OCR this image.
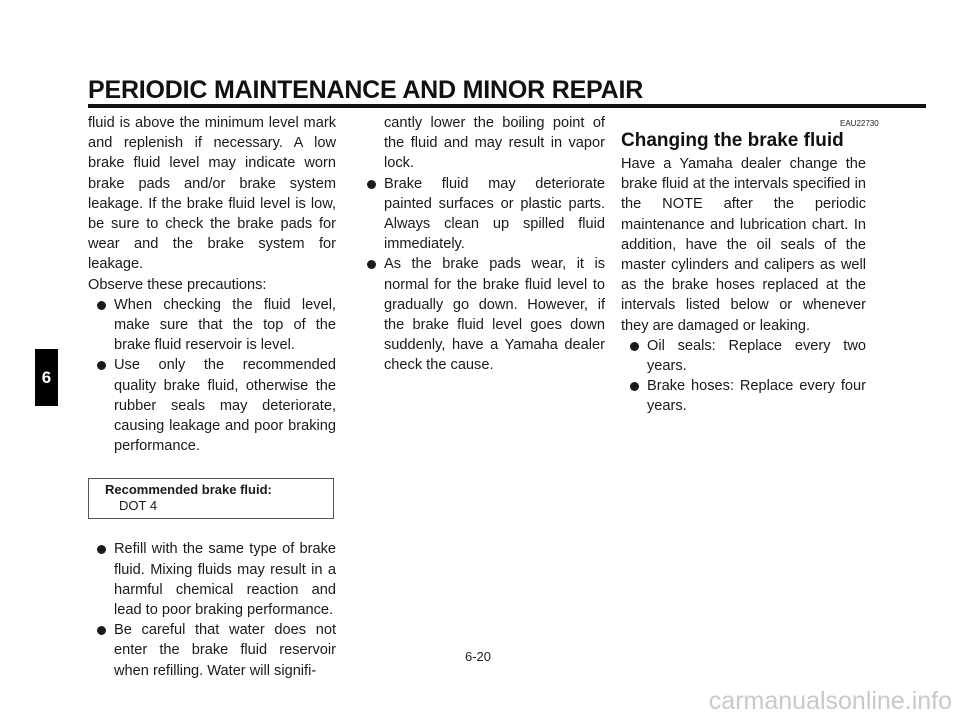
PERIODIC MAINTENANCE AND MINOR REPAIR
6

fluid is above the minimum level mark and replenish if necessary. A low brake fluid level may indicate worn brake pads and/or brake system leakage. If the brake fluid level is low, be sure to check the brake pads for wear and the brake system for leakage.

Observe these precautions:

When checking the fluid level, make sure that the top of the brake fluid reservoir is level.
Use only the recommended quality brake fluid, otherwise the rubber seals may deteriorate, causing leakage and poor braking performance.
Recommended brake fluid:
DOT 4
Refill with the same type of brake fluid. Mixing fluids may result in a harmful chemical reaction and lead to poor braking performance.
Be careful that water does not enter the brake fluid reservoir when refilling. Water will signifi-

cantly lower the boiling point of the fluid and may result in vapor lock.

Brake fluid may deteriorate painted surfaces or plastic parts. Always clean up spilled fluid immediately.
As the brake pads wear, it is normal for the brake fluid level to gradually go down. However, if the brake fluid level goes down suddenly, have a Yamaha dealer check the cause.
EAU22730
Changing the brake fluid

Have a Yamaha dealer change the brake fluid at the intervals specified in the NOTE after the periodic maintenance and lubrication chart. In addition, have the oil seals of the master cylinders and calipers as well as the brake hoses replaced at the intervals listed below or whenever they are damaged or leaking.

Oil seals: Replace every two years.
Brake hoses: Replace every four years.
6-20
carmanualsonline.info
